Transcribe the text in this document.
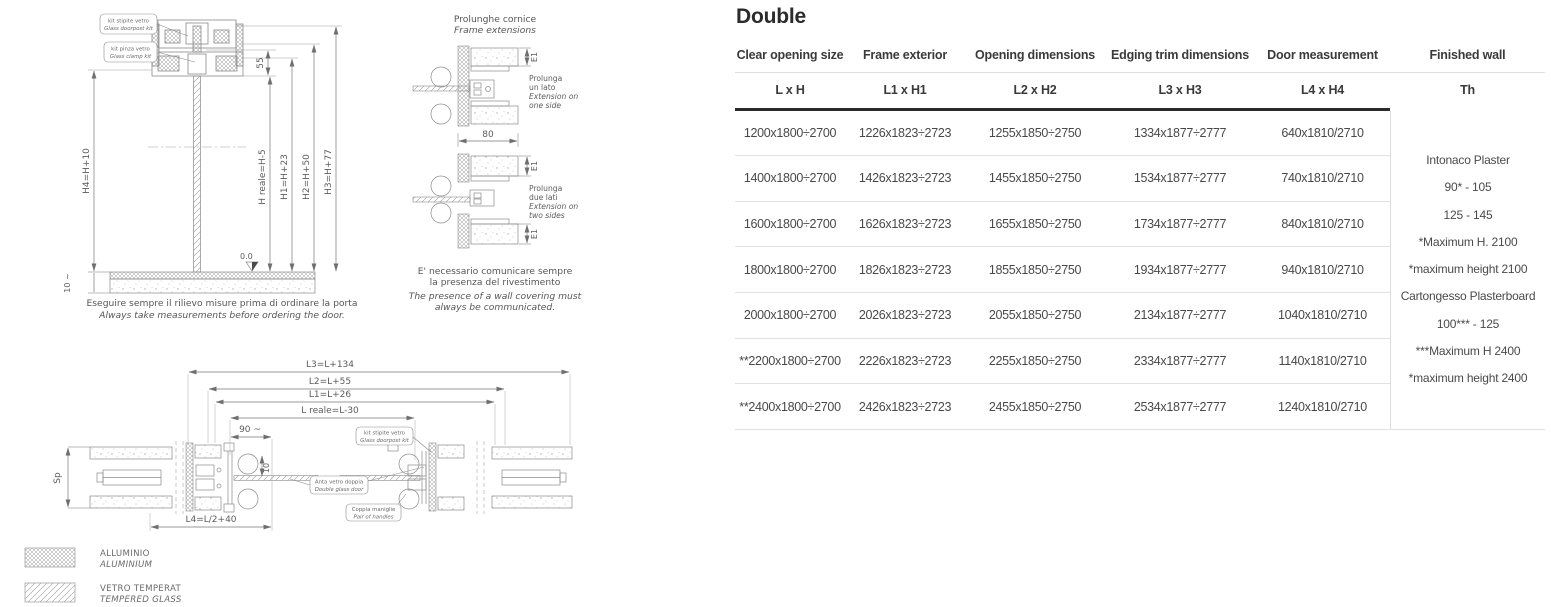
kit stipite vetro
Glass doorpost kit
kit pinza vetro
Glass clamp kit
55
H4=H+10	H reale=H-5 H1=H+23 H2=H+50 H3=H+77
0.0
10 ~
Eseguire sempre il rilievo misure prima di ordinare la porta
Always take measurements before ordering the door.
Prolunghe cornice
Frame extensions
E1
Prolunga
un lato
Extension on
one side
80
E1
E1
Prolunga
due lati
Extension on
two sides
E' necessario comunicare sempre
la presenza del rivestimento
The presence of a wall covering must
always be communicated.
L3=L+134
L2=L+55
L1=L+26
L reale=L-30
90 ~
10
Sp
L4=L/2+40
kit stipite vetro
Glass doorpost kit
Anta vetro doppia
Double glass door
Coppia maniglie
Pair of handles
ALLUMINIO
ALUMINIUM
VETRO TEMPERAT
TEMPERED GLASS
Double
Clear opening size	Frame exterior	Opening dimensions	Edging trim dimensions	Door measurement	Finished wall
L x H	L1 x H1	L2 x H2	L3 x H3	L4 x H4	Th
1200x1800÷2700	1226x1823÷2723	1255x1850÷2750	1334x1877÷2777	640x1810/2710
1400x1800÷2700	1426x1823÷2723	1455x1850÷2750	1534x1877÷2777	740x1810/2710
1600x1800÷2700	1626x1823÷2723	1655x1850÷2750	1734x1877÷2777	840x1810/2710
1800x1800÷2700	1826x1823÷2723	1855x1850÷2750	1934x1877÷2777	940x1810/2710
2000x1800÷2700	2026x1823÷2723	2055x1850÷2750	2134x1877÷2777	1040x1810/2710
**2200x1800÷2700	2226x1823÷2723	2255x1850÷2750	2334x1877÷2777	1140x1810/2710
**2400x1800÷2700	2426x1823÷2723	2455x1850÷2750	2534x1877÷2777	1240x1810/2710
Intonaco Plaster
90* - 105
125 - 145
*Maximum H. 2100
*maximum height 2100
Cartongesso Plasterboard
100*** - 125
***Maximum H 2400
*maximum height 2400
